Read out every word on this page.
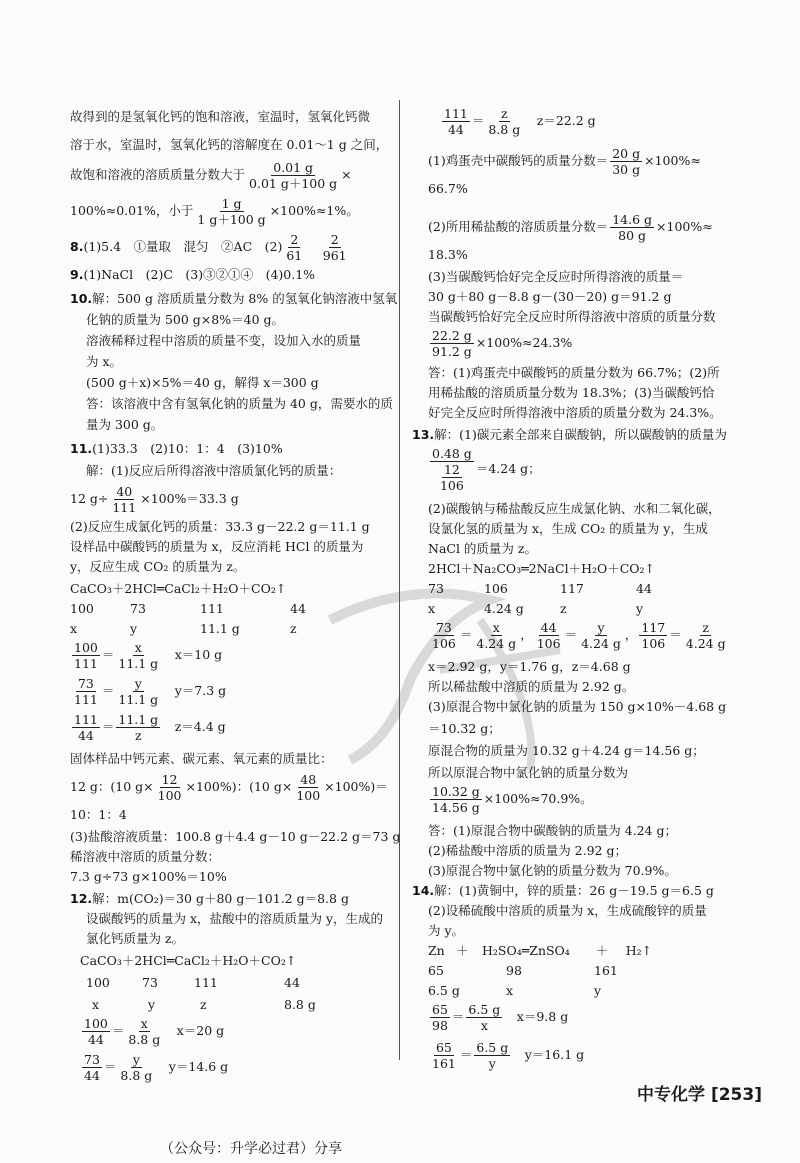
故得到的是氢氧化钙的饱和溶液，室温时，氢氧化钙微
溶于水，室温时，氢氧化钙的溶解度在 0.01～1 g 之间，
故饱和溶液的溶质质量分数大于 $\frac{0.01 g}{0.01 g+100 g}$ ×
100%≈0.01%，小于 $\frac{1 g}{1 g+100 g} \times 100\%\approx 1\%$。
8.(1)5.4　①量取　混匀　②AC　$(2) \frac{2}{61}$
　 $\frac{2}{961}$
9.(1)NaCl　(2)C　(3)③②①④　(4)0.1%
10.解：500 g 溶质质量分数为 8% 的氢氧化钠溶液中氢氧
化钠的质量为 500 g×8%＝40 g。
溶液稀释过程中溶质的质量不变，设加入水的质量
为 x。
(500 g＋x)×5%＝40 g，解得 x＝300 g
答：该溶液中含有氢氧化钠的质量为 40 g，需要水的质
量为 300 g。
11.(1)33.3　(2)10：1：4　(3)10%
解：(1)反应后所得溶液中溶质氯化钙的质量：
12 $g\div \frac{40}{111} \times 100\%=33.3$ g
(2)反应生成氯化钙的质量：33.3 g－22.2 g＝11.1 g
设样品中碳酸钙的质量为 x，反应消耗 HCl 的质量为
y，反应生成 CO₂ 的质量为 z。
CaCO₃＋2HCl═CaCl₂＋H₂O＋CO₂↑
100	73	111	44
x	y	11.1 g	z
$\frac{100}{111} = \frac{x}{11.1 g}$
　 x＝10 g
$\frac{73}{111} = \frac{y}{11.1 g}$
　 y＝7.3 g
$\frac{111}{44} = \frac{11.1 g}{z}$
　 z＝4.4 g
固体样品中钙元素、碳元素、氧元素的质量比：
12 g：(10 $g\times \frac{12}{100} \times 100\%$)：(10 $g\times \frac{48}{100} \times 100\%)=$
10：1：4
(3)盐酸溶液质量：100.8 g＋4.4 g－10 g－22.2 g＝73 g
稀溶液中溶质的质量分数：
7.3 g÷73 g×100%＝10%
12.解：m(CO₂)＝30 g＋80 g－101.2 g＝8.8 g
设碳酸钙的质量为 x，盐酸中的溶质质量为 y，生成的
氯化钙质量为 z。
CaCO₃＋2HCl═CaCl₂＋H₂O＋CO₂↑
100	73	111	44
x	y	z	8.8 g
$\frac{100}{44} = \frac{x}{8.8 g}$
　 x＝20 g
$\frac{73}{44} = \frac{y}{8.8 g}$
　 y＝14.6 g
$\frac{111}{44} = \frac{z}{8.8 g}$
　 z＝22.2 g
(1)鸡蛋壳中碳酸钙的质量分数＝ $\frac{20 g}{30 g} \times 100\%\approx$
66.7%
(2)所用稀盐酸的溶质质量分数＝ $\frac{14.6 g}{80 g} \times 100\%\approx$
18.3%
(3)当碳酸钙恰好完全反应时所得溶液的质量＝
30 g＋80 g－8.8 g－(30－20) g＝91.2 g
当碳酸钙恰好完全反应时所得溶液中溶质的质量分数
$\frac{22.2 g}{91.2 g} \times 100\%\approx 24.3\%$
答：(1)鸡蛋壳中碳酸钙的质量分数为 66.7%；(2)所
用稀盐酸的溶质质量分数为 18.3%；(3)当碳酸钙恰
好完全反应时所得溶液中溶质的质量分数为 24.3%。
13.解：(1)碳元素全部来自碳酸钠，所以碳酸钠的质量为
$\frac{0.48 g}{\frac{12}{106}} =4.24$ g；
(2)碳酸钠与稀盐酸反应生成氯化钠、水和二氧化碳，
设氯化氢的质量为 x，生成 CO₂ 的质量为 y，生成
NaCl 的质量为 z。
2HCl＋Na₂CO₃═2NaCl＋H₂O＋CO₂↑
73	106	117	44
x	4.24 g	z	y
$\frac{73}{106} = \frac{x}{4.24 g}$ ， $\frac{44}{106} = \frac{y}{4.24 g}$ ， $\frac{117}{106} = \frac{z}{4.24 g}$
x＝2.92 g，y＝1.76 g，z＝4.68 g
所以稀盐酸中溶质的质量为 2.92 g。
(3)原混合物中氯化钠的质量为 150 g×10%－4.68 g
＝10.32 g；
原混合物的质量为 10.32 g＋4.24 g＝14.56 g；
所以原混合物中氯化钠的质量分数为
$\frac{10.32 g}{14.56 g} \times 100\%\approx 70.9\%$。
答：(1)原混合物中碳酸钠的质量为 4.24 g；
(2)稀盐酸中溶质的质量为 2.92 g；
(3)原混合物中氯化钠的质量分数为 70.9%。
14.解：(1)黄铜中，锌的质量：26 g－19.5 g＝6.5 g
(2)设稀硫酸中溶质的质量为 x，生成硫酸锌的质量
为 y。
Zn ＋ H₂SO₄═ZnSO₄ ＋ H₂↑
65	98	161
6.5 g	x	y
$\frac{65}{98} = \frac{6.5 g}{x}$
　 x＝9.8 g
$\frac{65}{161} = \frac{6.5 g}{y}$
　 y＝16.1 g
中专化学 [253]
（公众号：升学必过君）分享
